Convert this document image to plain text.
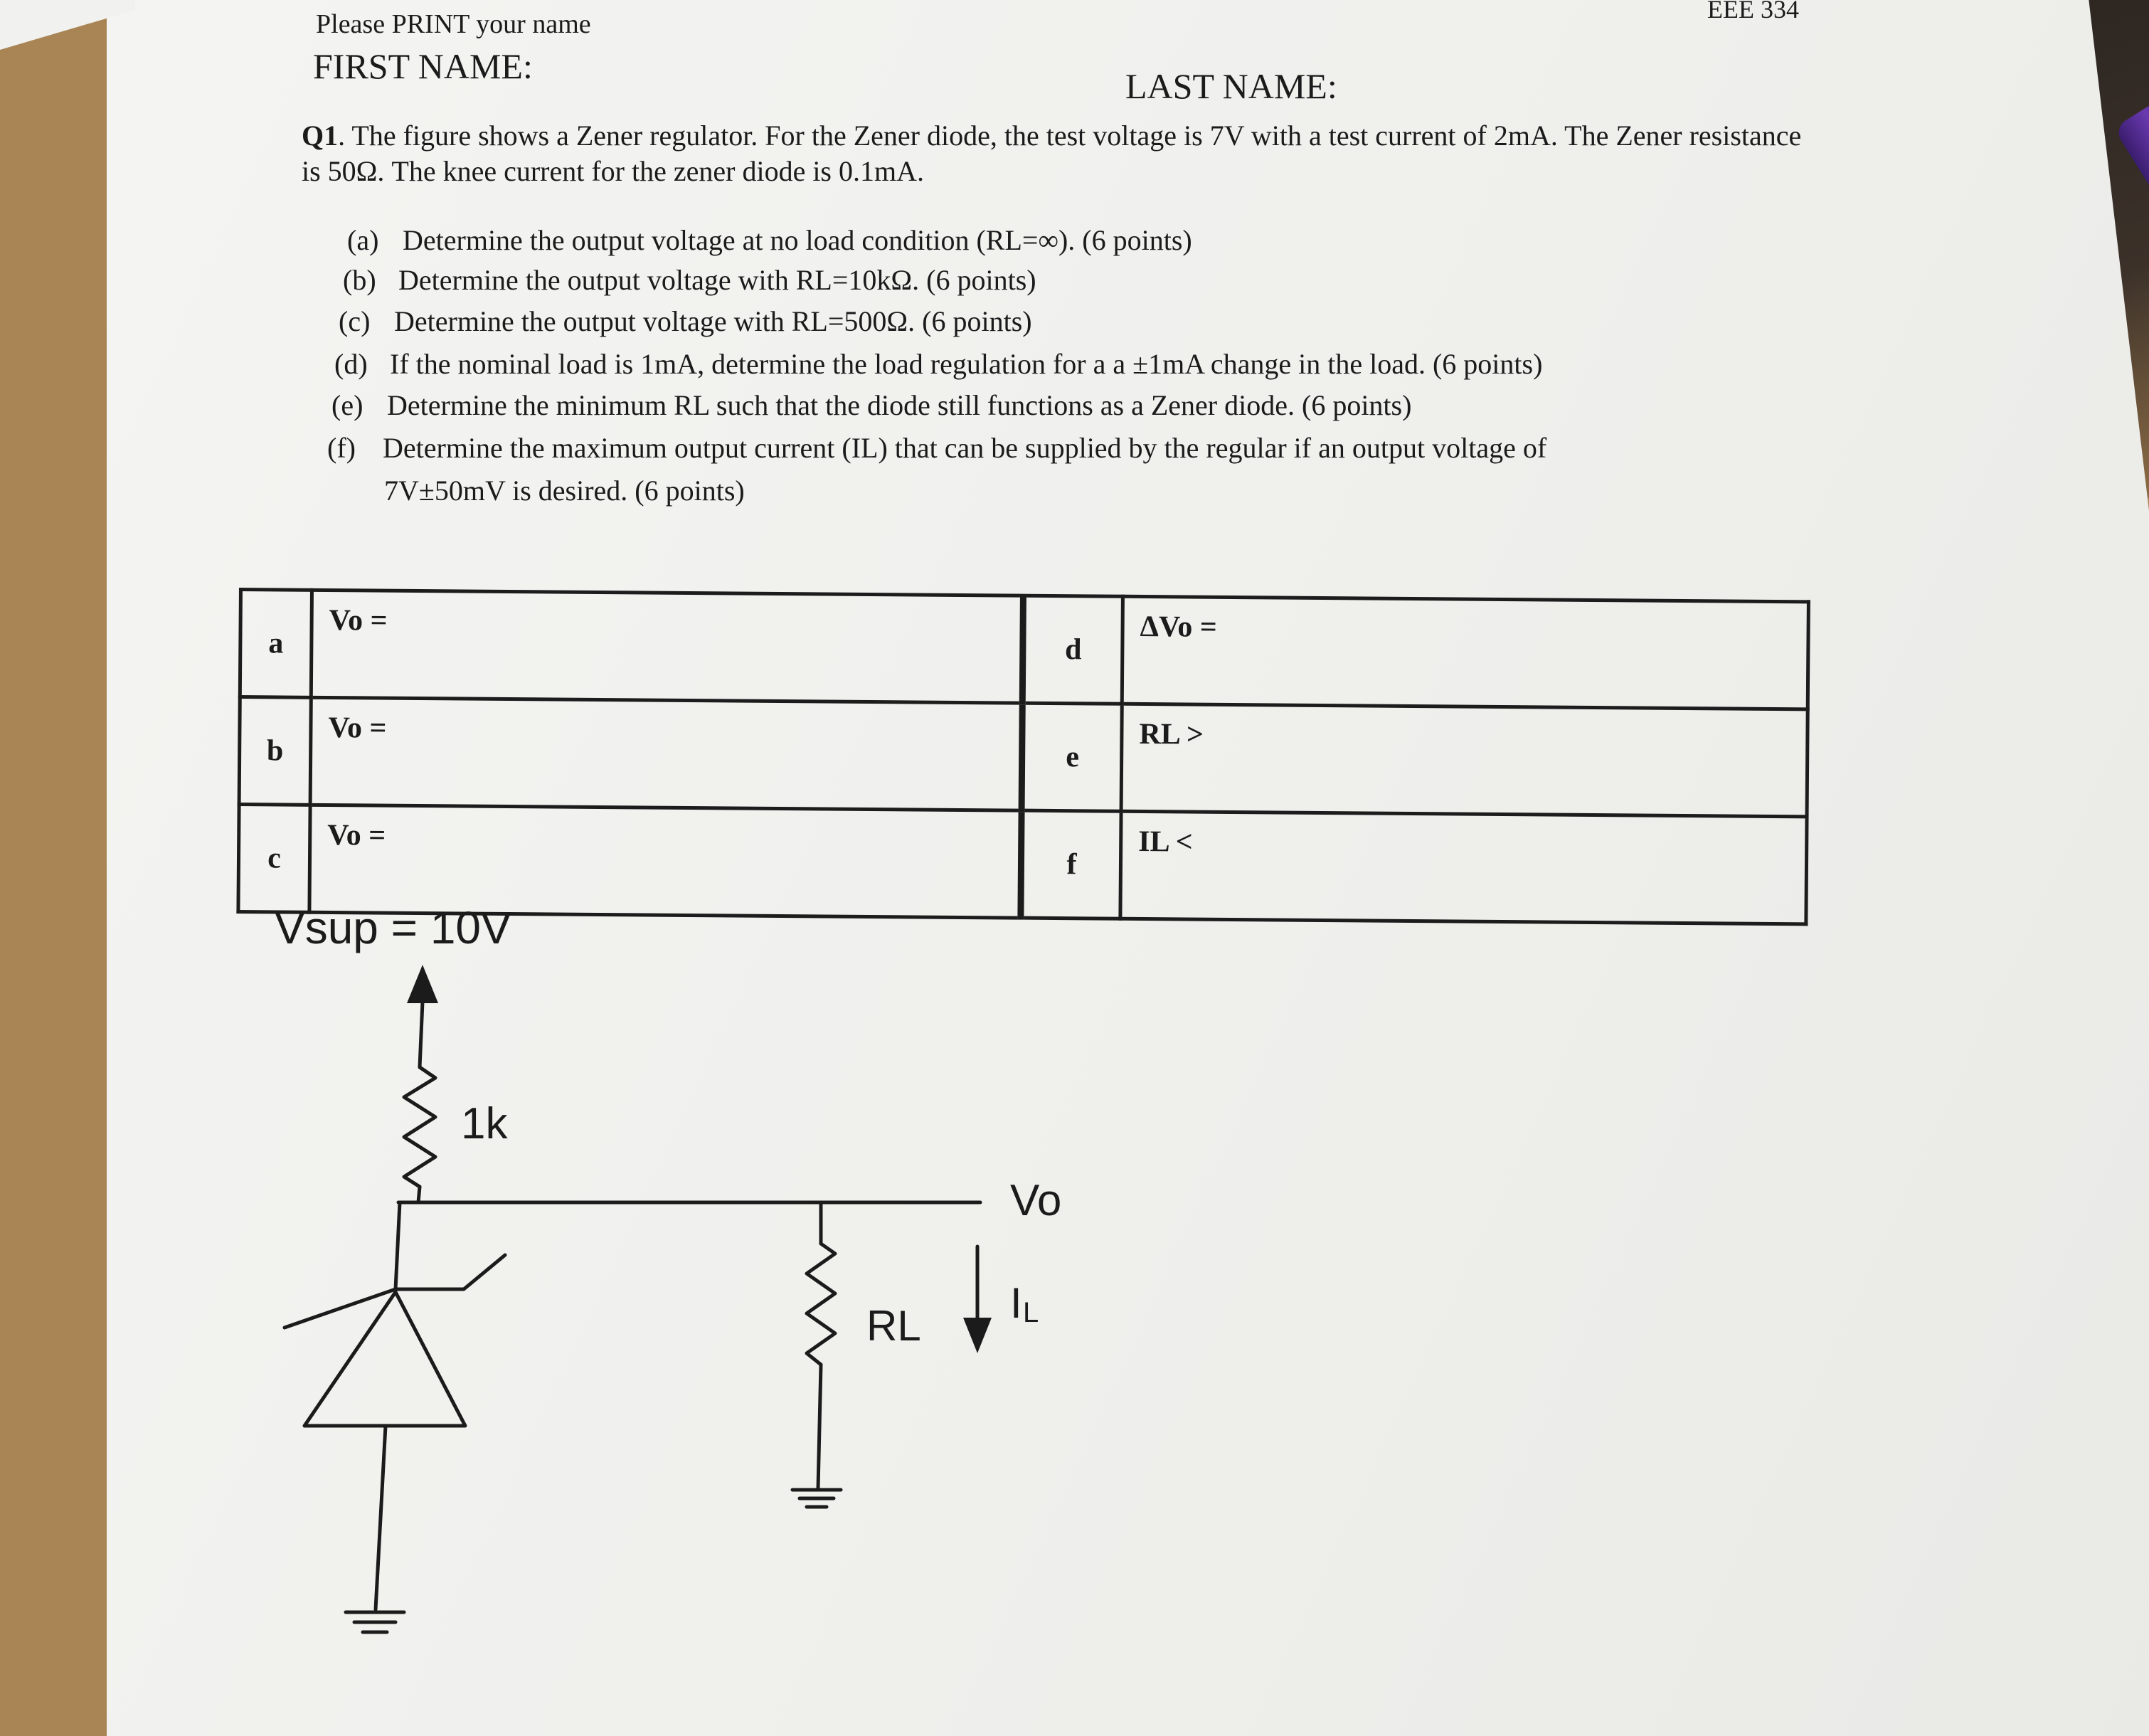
EEE 334
Please PRINT your name
FIRST NAME:	LAST NAME:
Q1. The figure shows a Zener regulator. For the Zener diode, the test voltage is 7V with a test current of 2mA. The Zener resistance is 50Ω. The knee current for the zener diode is 0.1mA.
(a) Determine the output voltage at no load condition (RL=∞). (6 points)
(b) Determine the output voltage with RL=10kΩ. (6 points)
(c) Determine the output voltage with RL=500Ω. (6 points)
(d) If the nominal load is 1mA, determine the load regulation for a a ±1mA change in the load. (6 points)
(e) Determine the minimum RL such that the diode still functions as a Zener diode. (6 points)
(f) Determine the maximum output current (IL) that can be supplied by the regular if an output voltage of
7V±50mV is desired. (6 points)
a	Vo =	d	ΔVo =
b	Vo =	e	RL >
c	Vo =	f	IL <
Vsup = 10V
1k
Vo
RL I L
